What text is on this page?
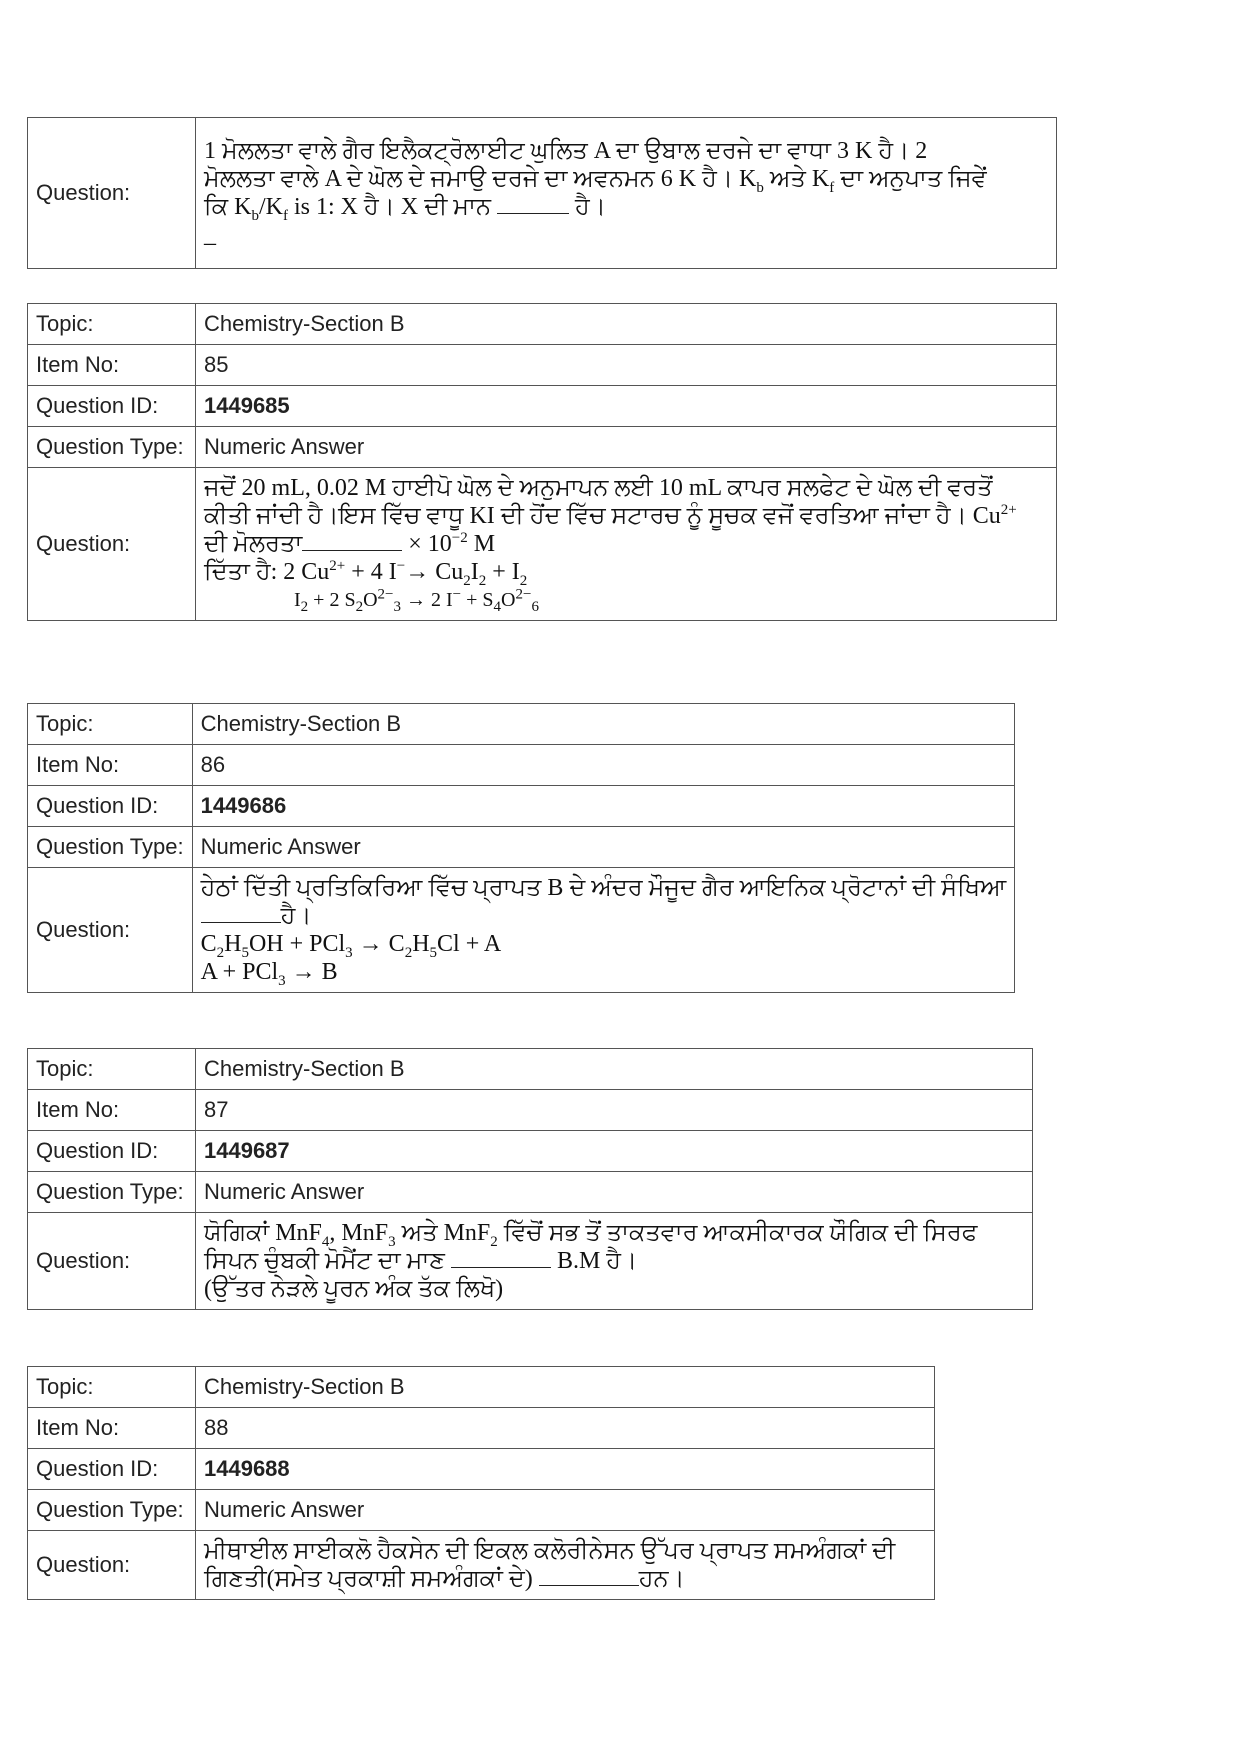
Question:	
1 ਮੋਲਲਤਾ ਵਾਲੇ ਗੈਰ ਇਲੈਕਟ੍ਰੋਲਾਈਟ ਘੁਲਿਤ A ਦਾ ਉਬਾਲ ਦਰਜੇ ਦਾ ਵਾਧਾ 3 K ਹੈ। 2
ਮੋਲਲਤਾ ਵਾਲੇ A ਦੇ ਘੋਲ ਦੇ ਜਮਾਉ ਦਰਜੇ ਦਾ ਅਵਨਮਨ 6 K ਹੈ। $K_b$ ਅਤੇ $K_f$ ਦਾ ਅਨੁਪਾਤ ਜਿਵੇਂ
ਕਿ $K_b/K_f$ is 1: X ਹੈ। X ਦੀ ਮਾਨ	ਹੈ।
_
Topic:	Chemistry-Section B
Item No:	85
Question ID:	1449685
Question Type:	Numeric Answer
Question:	ਜਦੋਂ 20 mL, 0.02 M ਹਾਈਪੋ ਘੋਲ ਦੇ ਅਨੁਮਾਪਨ ਲਈ 10 mL ਕਾਪਰ ਸਲਫੇਟ ਦੇ ਘੋਲ ਦੀ ਵਰਤੋਂ
ਕੀਤੀ ਜਾਂਦੀ ਹੈ।ਇਸ ਵਿੱਚ ਵਾਧੂ KI ਦੀ ਹੋਂਦ ਵਿੱਚ ਸਟਾਰਚ ਨੂੰ ਸੂਚਕ ਵਜੋਂ ਵਰਤਿਆ ਜਾਂਦਾ ਹੈ। $Cu^{2+}$
ਦੀ ਮੋਲਰਤਾ × $10^{-2}$ M
ਦਿੱਤਾ ਹੈ: 2 $Cu^{2+} + 4$ $I^-\to Cu_2I_2 + I_2$
$I_2 + 2$ $S_2O^{2-}_3 \to 2$ $I^- + S_4O^{2-}_6$
Topic:	Chemistry-Section B
Item No:	86
Question ID:	1449686
Question Type:	Numeric Answer
Question:	ਹੇਠਾਂ ਦਿੱਤੀ ਪ੍ਰਤਿਕਿਰਿਆ ਵਿੱਚ ਪ੍ਰਾਪਤ B ਦੇ ਅੰਦਰ ਮੌਜੂਦ ਗੈਰ ਆਇਨਿਕ ਪ੍ਰੋਟਾਨਾਂ ਦੀ ਸੰਖਿਆ
ਹੈ।
$C_2H_5OH + PCl_3 \to C_2H_5Cl + A$
A + PCl$_3$ → B
Topic:	Chemistry-Section B
Item No:	87
Question ID:	1449687
Question Type:	Numeric Answer
Question:	ਯੋਗਿਕਾਂ MnF$_4$, MnF$_3$ ਅਤੇ MnF$_2$ ਵਿੱਚੋਂ ਸਭ ਤੋਂ ਤਾਕਤਵਾਰ ਆਕਸੀਕਾਰਕ ਯੌਗਿਕ ਦੀ ਸਿਰਫ
ਸਿਪਨ ਚੁੰਬਕੀ ਮੋਮੈਂਟ ਦਾ ਮਾਣ B.M ਹੈ।
(ਉੱਤਰ ਨੇੜਲੇ ਪੂਰਨ ਅੰਕ ਤੱਕ ਲਿਖੋ)
Topic:	Chemistry-Section B
Item No:	88
Question ID:	1449688
Question Type:	Numeric Answer
Question:	ਮੀਥਾਈਲ ਸਾਈਕਲੋ ਹੈਕਸੇਨ ਦੀ ਇਕਲ ਕਲੋਰੀਨੇਸਨ ਉੱਪਰ ਪ੍ਰਾਪਤ ਸਮਅੰਗਕਾਂ ਦੀ
ਗਿਣਤੀ(ਸਮੇਤ ਪ੍ਰਕਾਸ਼ੀ ਸਮਅੰਗਕਾਂ ਦੇ) ਹਨ।
